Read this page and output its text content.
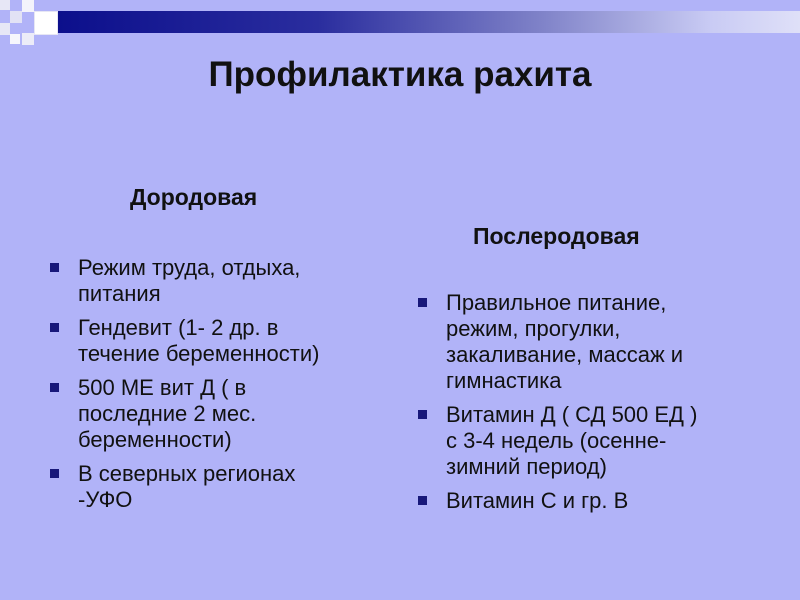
Профилактика рахита
Дородовая
Послеродовая
Режим труда, отдыха,
питания
Гендевит (1- 2 др. в
течение беременности)
500 МЕ вит Д ( в
последние 2 мес.
беременности)
В северных регионах
-УФО
Правильное питание,
режим, прогулки,
закаливание, массаж и
гимнастика
Витамин Д ( СД 500 ЕД )
с 3-4 недель (осенне-
зимний период)
Витамин С и гр. В
